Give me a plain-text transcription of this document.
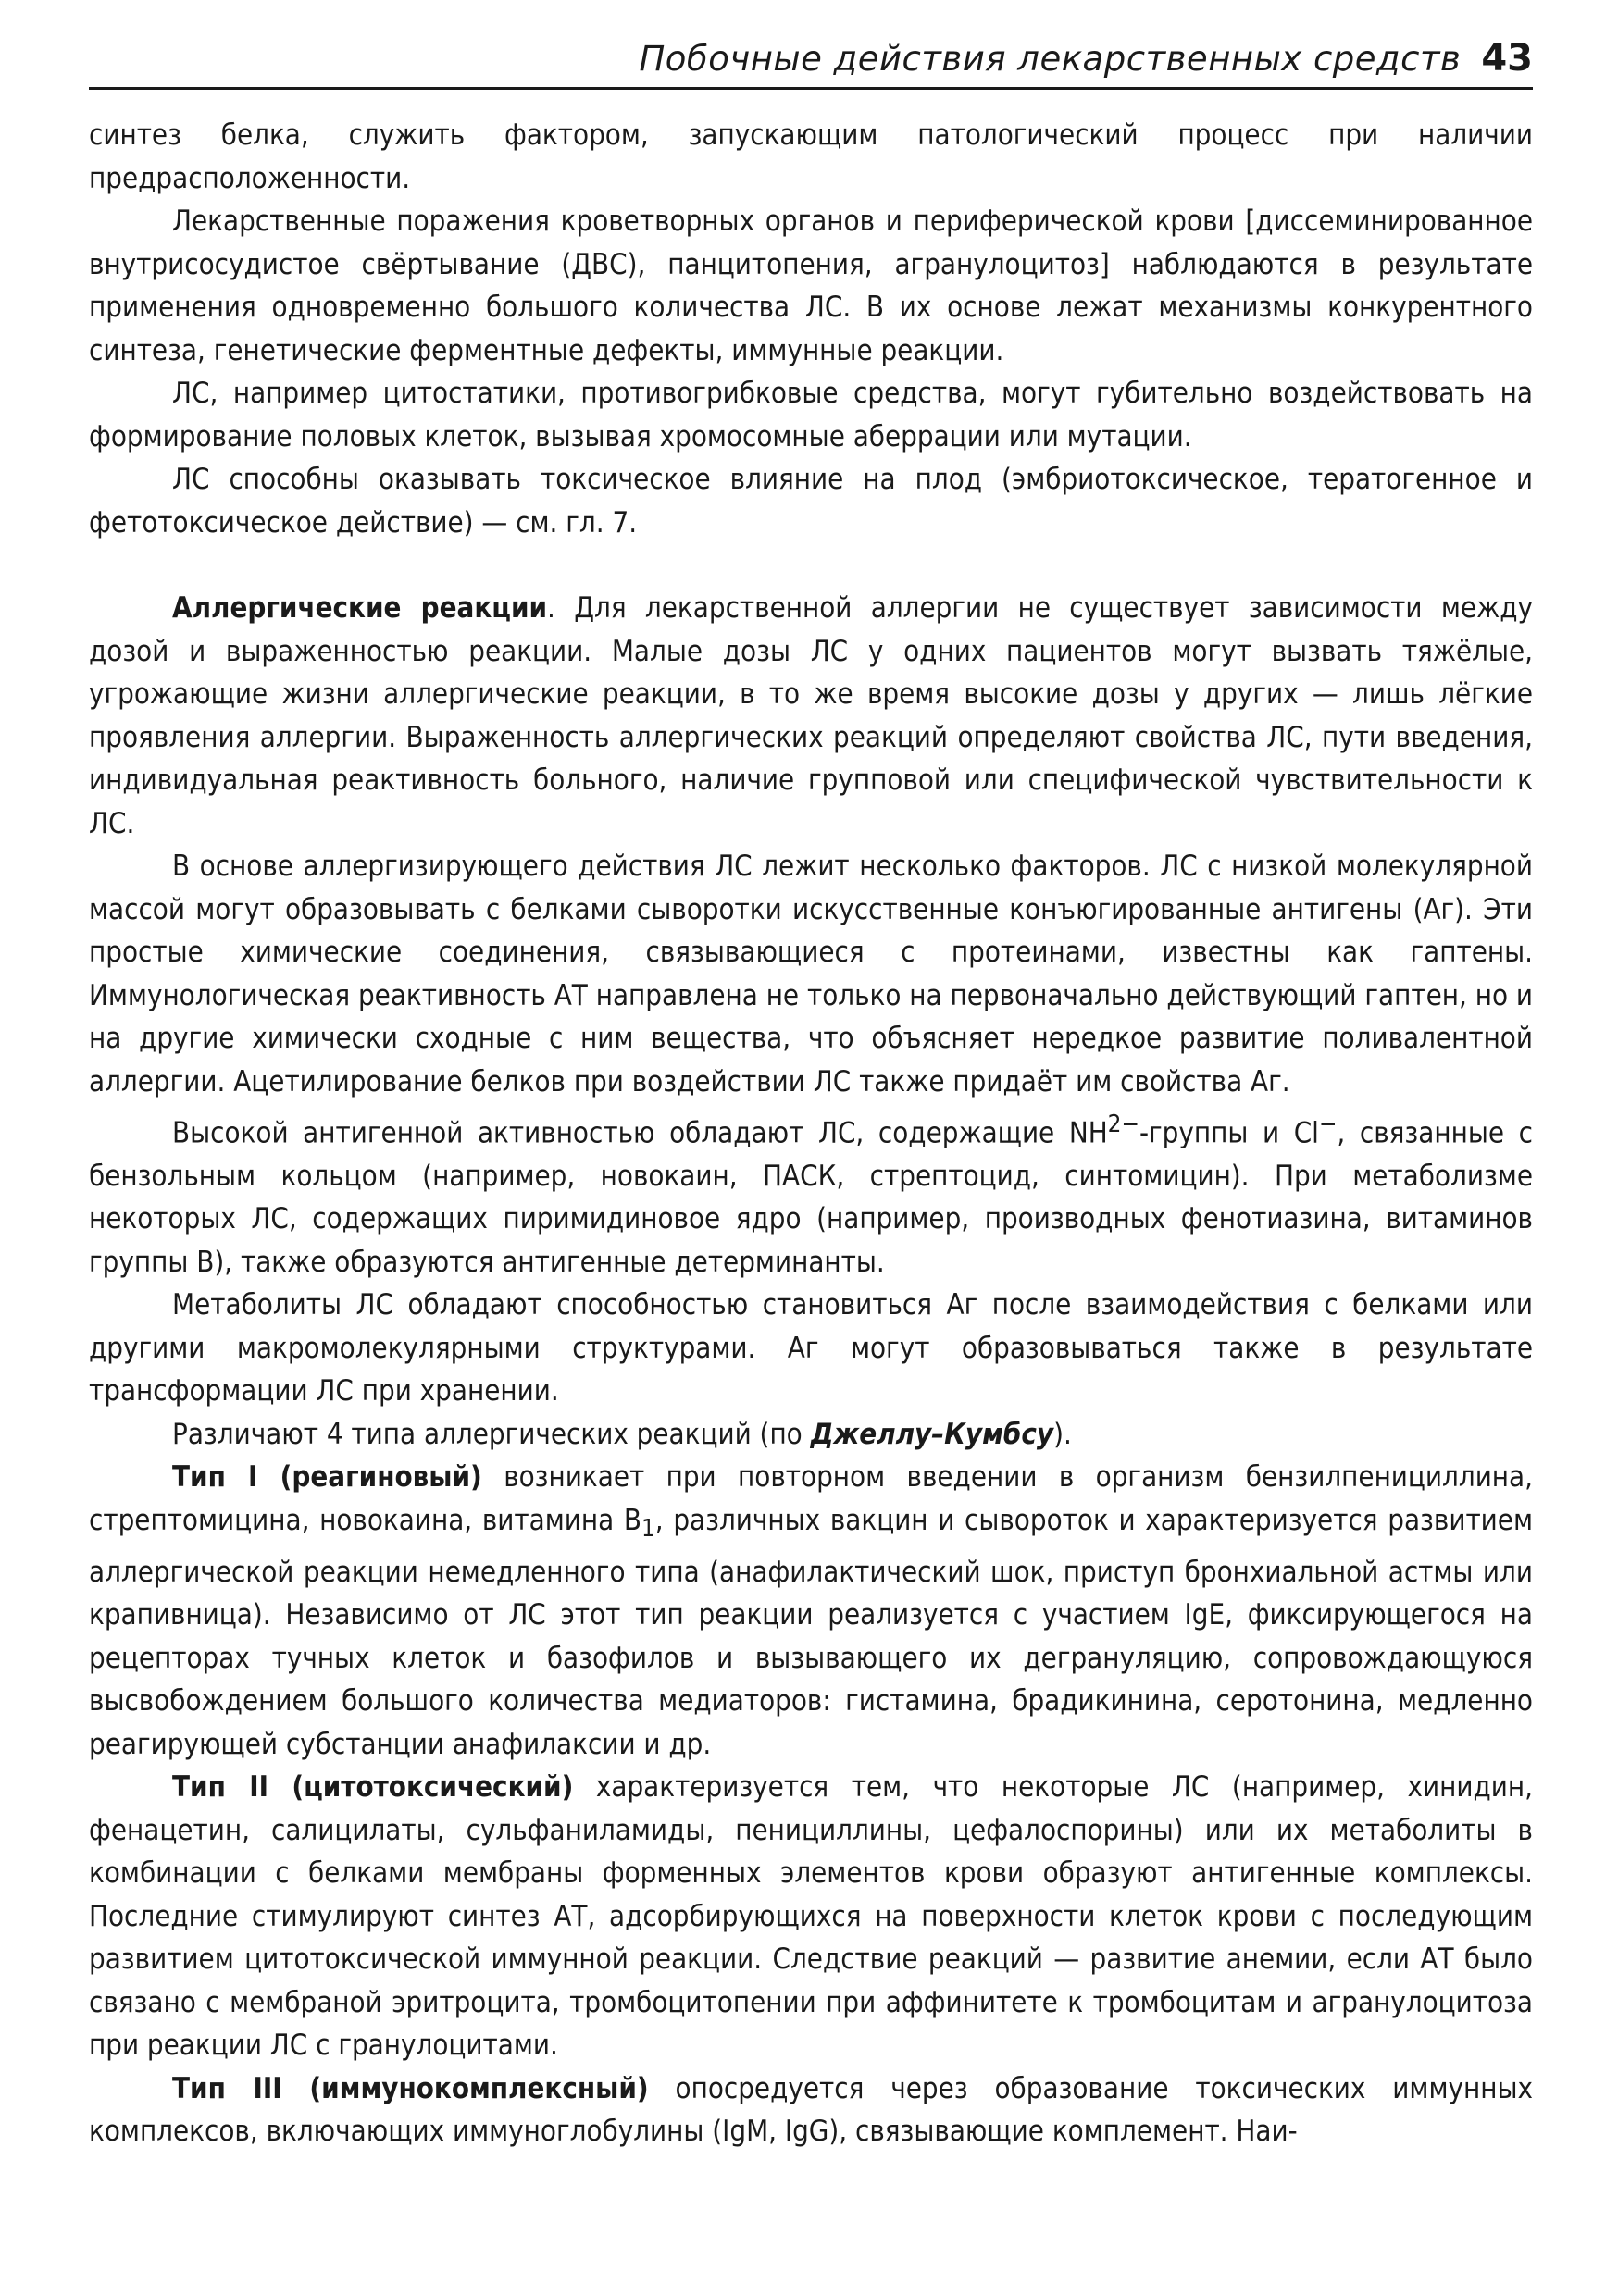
Побочные действия лекарственных средств 43

синтез белка, служить фактором, запускающим патологический процесс при наличии предрасположенности.

Лекарственные поражения кроветворных органов и периферической крови [диссеминированное внутрисосудистое свёртывание (ДВС), панцитопения, агранулоцитоз] наблюдаются в результате применения одновременно большого количества ЛС. В их основе лежат механизмы конкурентного синтеза, генетические ферментные дефекты, иммунные реакции.

ЛС, например цитостатики, противогрибковые средства, могут губительно воздействовать на формирование половых клеток, вызывая хромосомные аберрации или мутации.

ЛС способны оказывать токсическое влияние на плод (эмбриотоксическое, тератогенное и фетотоксическое действие) — см. гл. 7.

Аллергические реакции. Для лекарственной аллергии не существует зависимости между дозой и выраженностью реакции. Малые дозы ЛС у одних пациентов могут вызвать тяжёлые, угрожающие жизни аллергические реакции, в то же время высокие дозы у других — лишь лёгкие проявления аллергии. Выраженность аллергических реакций определяют свойства ЛС, пути введения, индивидуальная реактивность больного, наличие групповой или специфической чувствительности к ЛС.

В основе аллергизирующего действия ЛС лежит несколько факторов. ЛС с низкой молекулярной массой могут образовывать с белками сыворотки искусственные конъюгированные антигены (Аг). Эти простые химические соединения, связывающиеся с протеинами, известны как гаптены. Иммунологическая реактивность АТ направлена не только на первоначально действующий гаптен, но и на другие химически сходные с ним вещества, что объясняет нередкое развитие поливалентной аллергии. Ацетилирование белков при воздействии ЛС также придаёт им свойства Аг.

Высокой антигенной активностью обладают ЛС, содержащие $NH^{2-}$-группы и Cl−, связанные с бензольным кольцом (например, новокаин, ПАСК, стрептоцид, синтомицин). При метаболизме некоторых ЛС, содержащих пиримидиновое ядро (например, производных фенотиазина, витаминов группы В), также образуются антигенные детерминанты.

Метаболиты ЛС обладают способностью становиться Аг после взаимодействия с белками или другими макромолекулярными структурами. Аг могут образовываться также в результате трансформации ЛС при хранении.

Различают 4 типа аллергических реакций (по Джеллу–Кумбсу).

Тип I (реагиновый) возникает при повторном введении в организм бензилпенициллина, стрептомицина, новокаина, витамина $В_1$, различных вакцин и сывороток и характеризуется развитием аллергической реакции немедленного типа (анафилактический шок, приступ бронхиальной астмы или крапивница). Независимо от ЛС этот тип реакции реализуется с участием IgE, фиксирующегося на рецепторах тучных клеток и базофилов и вызывающего их дегрануляцию, сопровождающуюся высвобождением большого количества медиаторов: гистамина, брадикинина, серотонина, медленно реагирующей субстанции анафилаксии и др.

Тип II (цитотоксический) характеризуется тем, что некоторые ЛС (например, хинидин, фенацетин, салицилаты, сульфаниламиды, пенициллины, цефалоспорины) или их метаболиты в комбинации с белками мембраны форменных элементов крови образуют антигенные комплексы. Последние стимулируют синтез АТ, адсорбирующихся на поверхности клеток крови с последующим развитием цитотоксической иммунной реакции. Следствие реакций — развитие анемии, если АТ было связано с мембраной эритроцита, тромбоцитопении при аффинитете к тромбоцитам и агранулоцитоза при реакции ЛС с гранулоцитами.

Тип III (иммунокомплексный) опосредуется через образование токсических иммунных комплексов, включающих иммуноглобулины (IgM, IgG), связывающие комплемент. Наи-
